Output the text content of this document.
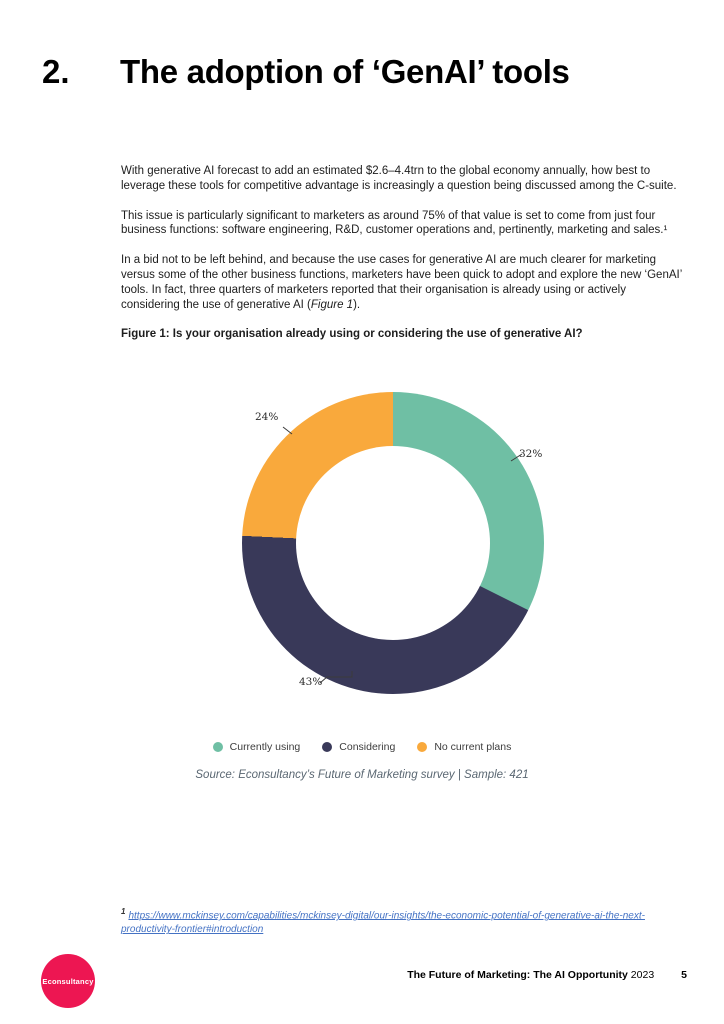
2.	The adoption of ‘GenAI’ tools

With generative AI forecast to add an estimated $2.6–4.4trn to the global economy annually, how best to leverage these tools for competitive advantage is increasingly a question being discussed among the C-suite.

This issue is particularly significant to marketers as around 75% of that value is set to come from just four business functions: software engineering, R&D, customer operations and, pertinently, marketing and sales.¹

In a bid not to be left behind, and because the use cases for generative AI are much clearer for marketing versus some of the other business functions, marketers have been quick to adopt and explore the new ‘GenAI’ tools. In fact, three quarters of marketers reported that their organisation is already using or actively considering the use of generative AI (Figure 1).

Figure 1: Is your organisation already using or considering the use of generative AI?

32%
43%
24%
Currently using	Considering	No current plans
Source: Econsultancy’s Future of Marketing survey | Sample: 421

$^1$ https://www.mckinsey.com/capabilities/mckinsey-digital/our-insights/the-economic-potential-of-generative-ai-the-next-productivity-frontier#introduction

Econsultancy	The Future of Marketing: The AI Opportunity 2023	5
